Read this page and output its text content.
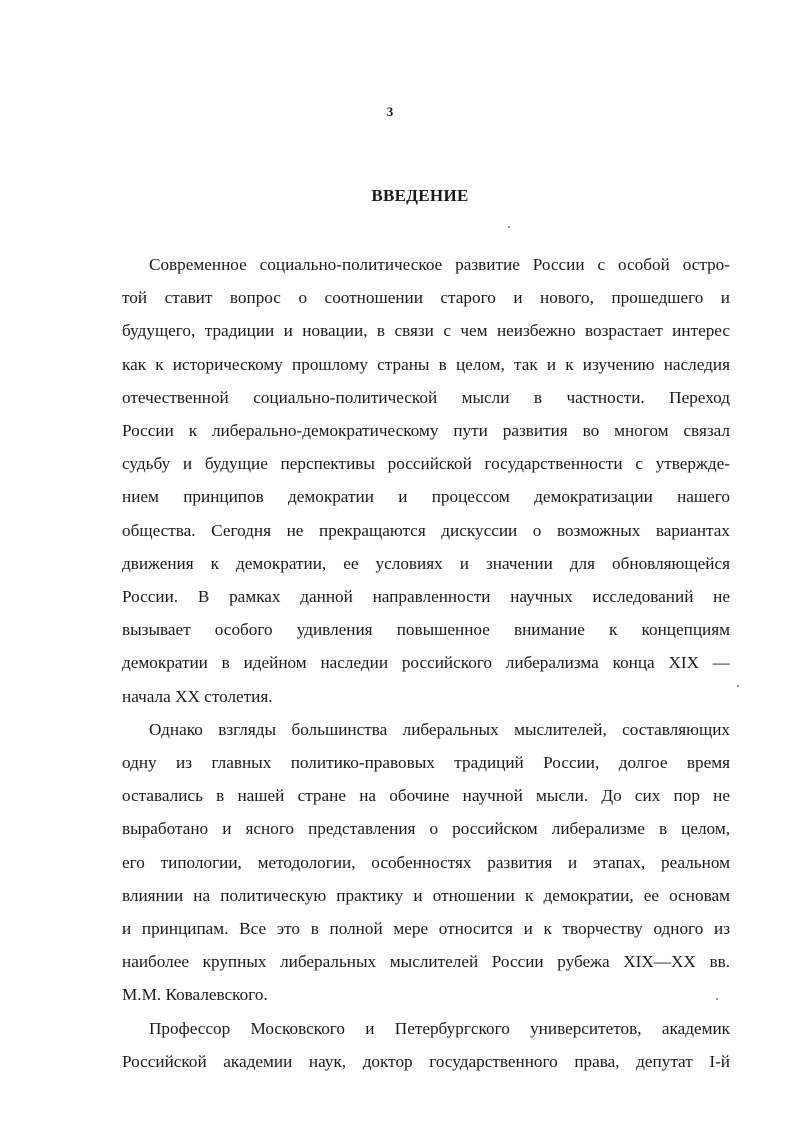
3
ВВЕДЕНИЕ
Современное социально-политическое развитие России с особой остро-
той ставит вопрос о соотношении старого и нового, прошедшего и
будущего, традиции и новации, в связи с чем неизбежно возрастает интерес
как к историческому прошлому страны в целом, так и к изучению наследия
отечественной социально-политической мысли в частности. Переход
России к либерально-демократическому пути развития во многом связал
судьбу и будущие перспективы российской государственности с утвержде-
нием принципов демократии и процессом демократизации нашего
общества. Сегодня не прекращаются дискуссии о возможных вариантах
движения к демократии, ее условиях и значении для обновляющейся
России. В рамках данной направленности научных исследований не
вызывает особого удивления повышенное внимание к концепциям
демократии в идейном наследии российского либерализма конца XIX —
начала XX столетия.
Однако взгляды большинства либеральных мыслителей, составляющих
одну из главных политико-правовых традиций России, долгое время
оставались в нашей стране на обочине научной мысли. До сих пор не
выработано и ясного представления о российском либерализме в целом,
его типологии, методологии, особенностях развития и этапах, реальном
влиянии на политическую практику и отношении к демократии, ее основам
и принципам. Все это в полной мере относится и к творчеству одного из
наиболее крупных либеральных мыслителей России рубежа XIX—XX вв.
М.М. Ковалевского.
Профессор Московского и Петербургского университетов, академик
Российской академии наук, доктор государственного права, депутат I-й
